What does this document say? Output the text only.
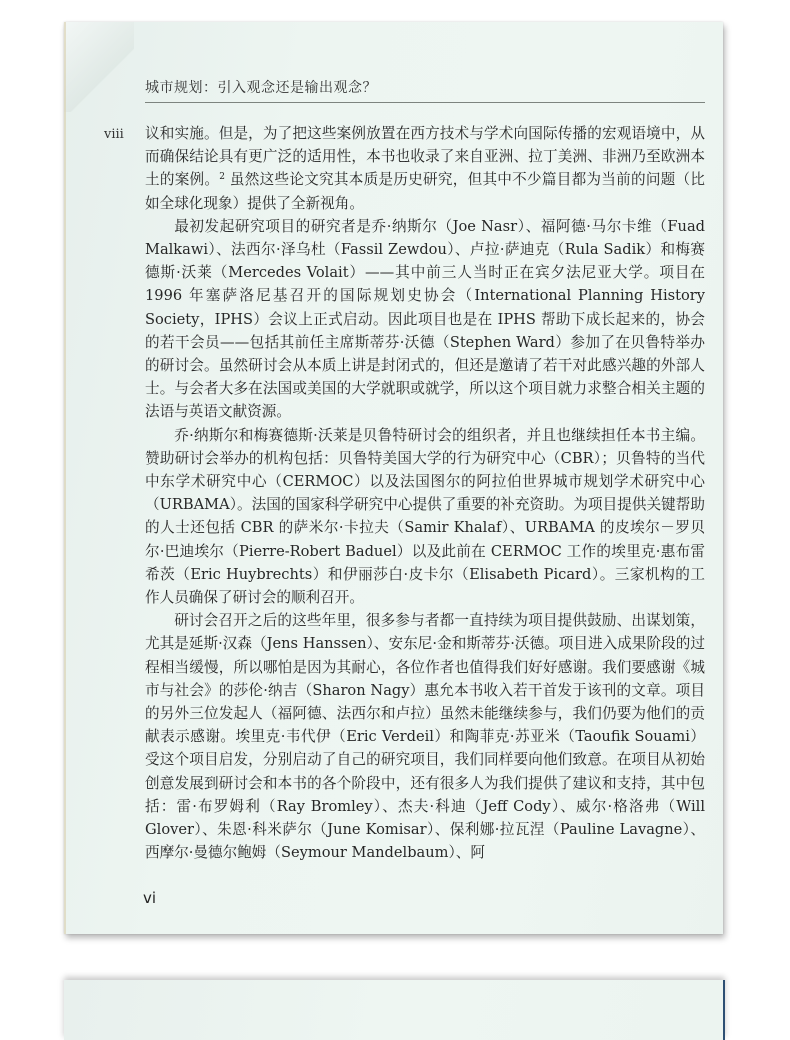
城市规划：引入观念还是输出观念？
viii 议和实施。但是，为了把这些案例放置在西方技术与学术向国际传播的宏观语境中，从而确保结论具有更广泛的适用性，本书也收录了来自亚洲、拉丁美洲、非洲乃至欧洲本土的案例。$^2$ 虽然这些论文究其本质是历史研究，但其中不少篇目都为当前的问题（比如全球化现象）提供了全新视角。

最初发起研究项目的研究者是乔·纳斯尔（Joe Nasr）、福阿德·马尔卡维（Fuad Malkawi）、法西尔·泽乌杜（Fassil Zewdou）、卢拉·萨迪克（Rula Sadik）和梅赛德斯·沃莱（Mercedes Volait）——其中前三人当时正在宾夕法尼亚大学。项目在1996 年塞萨洛尼基召开的国际规划史协会（International Planning History Society，IPHS）会议上正式启动。因此项目也是在 IPHS 帮助下成长起来的，协会的若干会员——包括其前任主席斯蒂芬·沃德（Stephen Ward）参加了在贝鲁特举办的研讨会。虽然研讨会从本质上讲是封闭式的，但还是邀请了若干对此感兴趣的外部人士。与会者大多在法国或美国的大学就职或就学，所以这个项目就力求整合相关主题的法语与英语文献资源。

乔·纳斯尔和梅赛德斯·沃莱是贝鲁特研讨会的组织者，并且也继续担任本书主编。赞助研讨会举办的机构包括：贝鲁特美国大学的行为研究中心（CBR）；贝鲁特的当代中东学术研究中心（CERMOC）以及法国图尔的阿拉伯世界城市规划学术研究中心（URBAMA）。法国的国家科学研究中心提供了重要的补充资助。为项目提供关键帮助的人士还包括 CBR 的萨米尔·卡拉夫（Samir Khalaf）、URBAMA 的皮埃尔－罗贝尔·巴迪埃尔（Pierre-Robert Baduel）以及此前在 CERMOC 工作的埃里克·惠布雷希茨（Eric Huybrechts）和伊丽莎白·皮卡尔（Elisabeth Picard）。三家机构的工作人员确保了研讨会的顺利召开。

研讨会召开之后的这些年里，很多参与者都一直持续为项目提供鼓励、出谋划策，尤其是延斯·汉森（Jens Hanssen）、安东尼·金和斯蒂芬·沃德。项目进入成果阶段的过程相当缓慢，所以哪怕是因为其耐心，各位作者也值得我们好好感谢。我们要感谢《城市与社会》的莎伦·纳吉（Sharon Nagy）惠允本书收入若干首发于该刊的文章。项目的另外三位发起人（福阿德、法西尔和卢拉）虽然未能继续参与，我们仍要为他们的贡献表示感谢。埃里克·韦代伊（Eric Verdeil）和陶菲克·苏亚米（Taoufik Souami）受这个项目启发，分别启动了自己的研究项目，我们同样要向他们致意。在项目从初始创意发展到研讨会和本书的各个阶段中，还有很多人为我们提供了建议和支持，其中包括：雷·布罗姆利（Ray Bromley）、杰夫·科迪（Jeff Cody）、威尔·格洛弗（Will Glover）、朱恩·科米萨尔（June Komisar）、保利娜·拉瓦涅（Pauline Lavagne）、西摩尔·曼德尔鲍姆（Seymour Mandelbaum）、阿

vi
